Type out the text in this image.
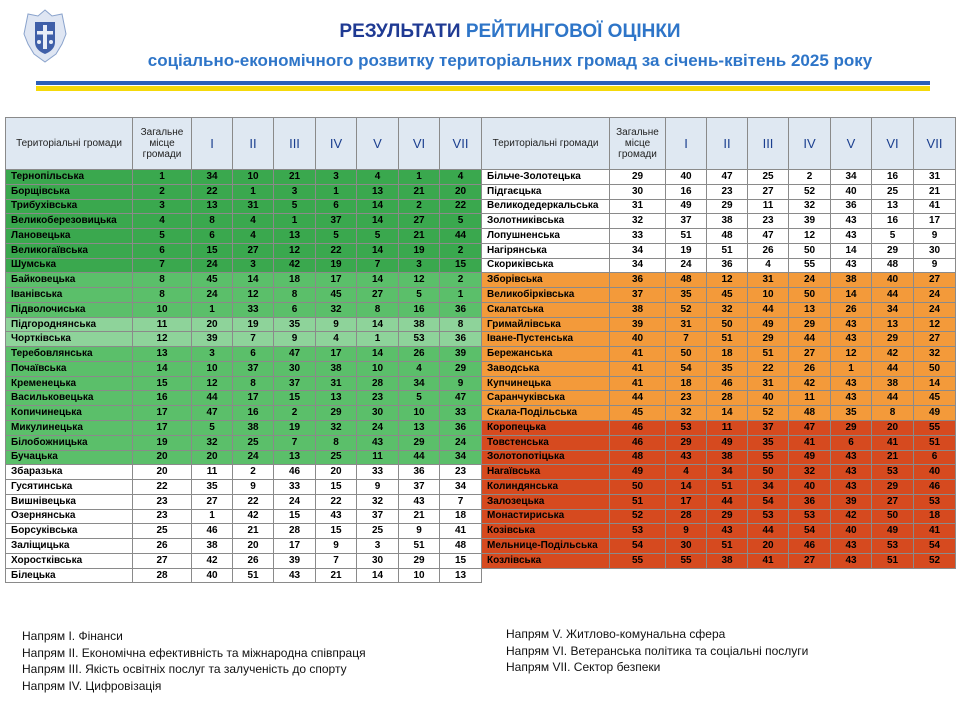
РЕЗУЛЬТАТИ РЕЙТИНГОВОЇ ОЦІНКИ
соціально-економічного розвитку територіальних громад за січень-квітень 2025 року
Територіальні громади	Загальне місце громади	I	II	III	IV	V	VI	VII
Тернопільська	1	34	10	21	3	4	1	4
Борщівська	2	22	1	3	1	13	21	20
Трибухівська	3	13	31	5	6	14	2	22
Великоберезовицька	4	8	4	1	37	14	27	5
Лановецька	5	6	4	13	5	5	21	44
Великогаївська	6	15	27	12	22	14	19	2
Шумська	7	24	3	42	19	7	3	15
Байковецька	8	45	14	18	17	14	12	2
Іванівська	8	24	12	8	45	27	5	1
Підволочиська	10	1	33	6	32	8	16	36
Підгороднянська	11	20	19	35	9	14	38	8
Чортківська	12	39	7	9	4	1	53	36
Теребовлянська	13	3	6	47	17	14	26	39
Почаївська	14	10	37	30	38	10	4	29
Кременецька	15	12	8	37	31	28	34	9
Васильковецька	16	44	17	15	13	23	5	47
Копичинецька	17	47	16	2	29	30	10	33
Микулинецька	17	5	38	19	32	24	13	36
Білобожницька	19	32	25	7	8	43	29	24
Бучацька	20	20	24	13	25	11	44	34
Збаразька	20	11	2	46	20	33	36	23
Гусятинська	22	35	9	33	15	9	37	34
Вишнівецька	23	27	22	24	22	32	43	7
Озернянська	23	1	42	15	43	37	21	18
Борсуківська	25	46	21	28	15	25	9	41
Заліщицька	26	38	20	17	9	3	51	48
Хоростківська	27	42	26	39	7	30	29	15
Білецька	28	40	51	43	21	14	10	13
Територіальні громади	Загальне місце громади	I	II	III	IV	V	VI	VII
Більче-Золотецька	29	40	47	25	2	34	16	31
Підгаєцька	30	16	23	27	52	40	25	21
Великодедеркальська	31	49	29	11	32	36	13	41
Золотниківська	32	37	38	23	39	43	16	17
Лопушненська	33	51	48	47	12	43	5	9
Нагірянська	34	19	51	26	50	14	29	30
Скориківська	34	24	36	4	55	43	48	9
Зборівська	36	48	12	31	24	38	40	27
Великобірківська	37	35	45	10	50	14	44	24
Скалатська	38	52	32	44	13	26	34	24
Гримайлівська	39	31	50	49	29	43	13	12
Іване-Пустенська	40	7	51	29	44	43	29	27
Бережанська	41	50	18	51	27	12	42	32
Заводська	41	54	35	22	26	1	44	50
Купчинецька	41	18	46	31	42	43	38	14
Саранчуківська	44	23	28	40	11	43	44	45
Скала-Подільська	45	32	14	52	48	35	8	49
Коропецька	46	53	11	37	47	29	20	55
Товстенська	46	29	49	35	41	6	41	51
Золотопотіцька	48	43	38	55	49	43	21	6
Наraївська	49	4	34	50	32	43	53	40
Колиндянська	50	14	51	34	40	43	29	46
Залозецька	51	17	44	54	36	39	27	53
Монастириська	52	28	29	53	53	42	50	18
Козівська	53	9	43	44	54	40	49	41
Мельнице-Подільська	54	30	51	20	46	43	53	54
Козлівська	55	55	38	41	27	43	51	52
Напрям I. Фінанси
Напрям II. Економічна ефективність та міжнародна співпраця
Напрям III. Якість освітніх послуг та залученість до спорту
Напрям IV. Цифровізація
Напрям V. Житлово-комунальна сфера
Напрям VI. Ветеранська політика та соціальні послуги
Напрям VII. Сектор безпеки
